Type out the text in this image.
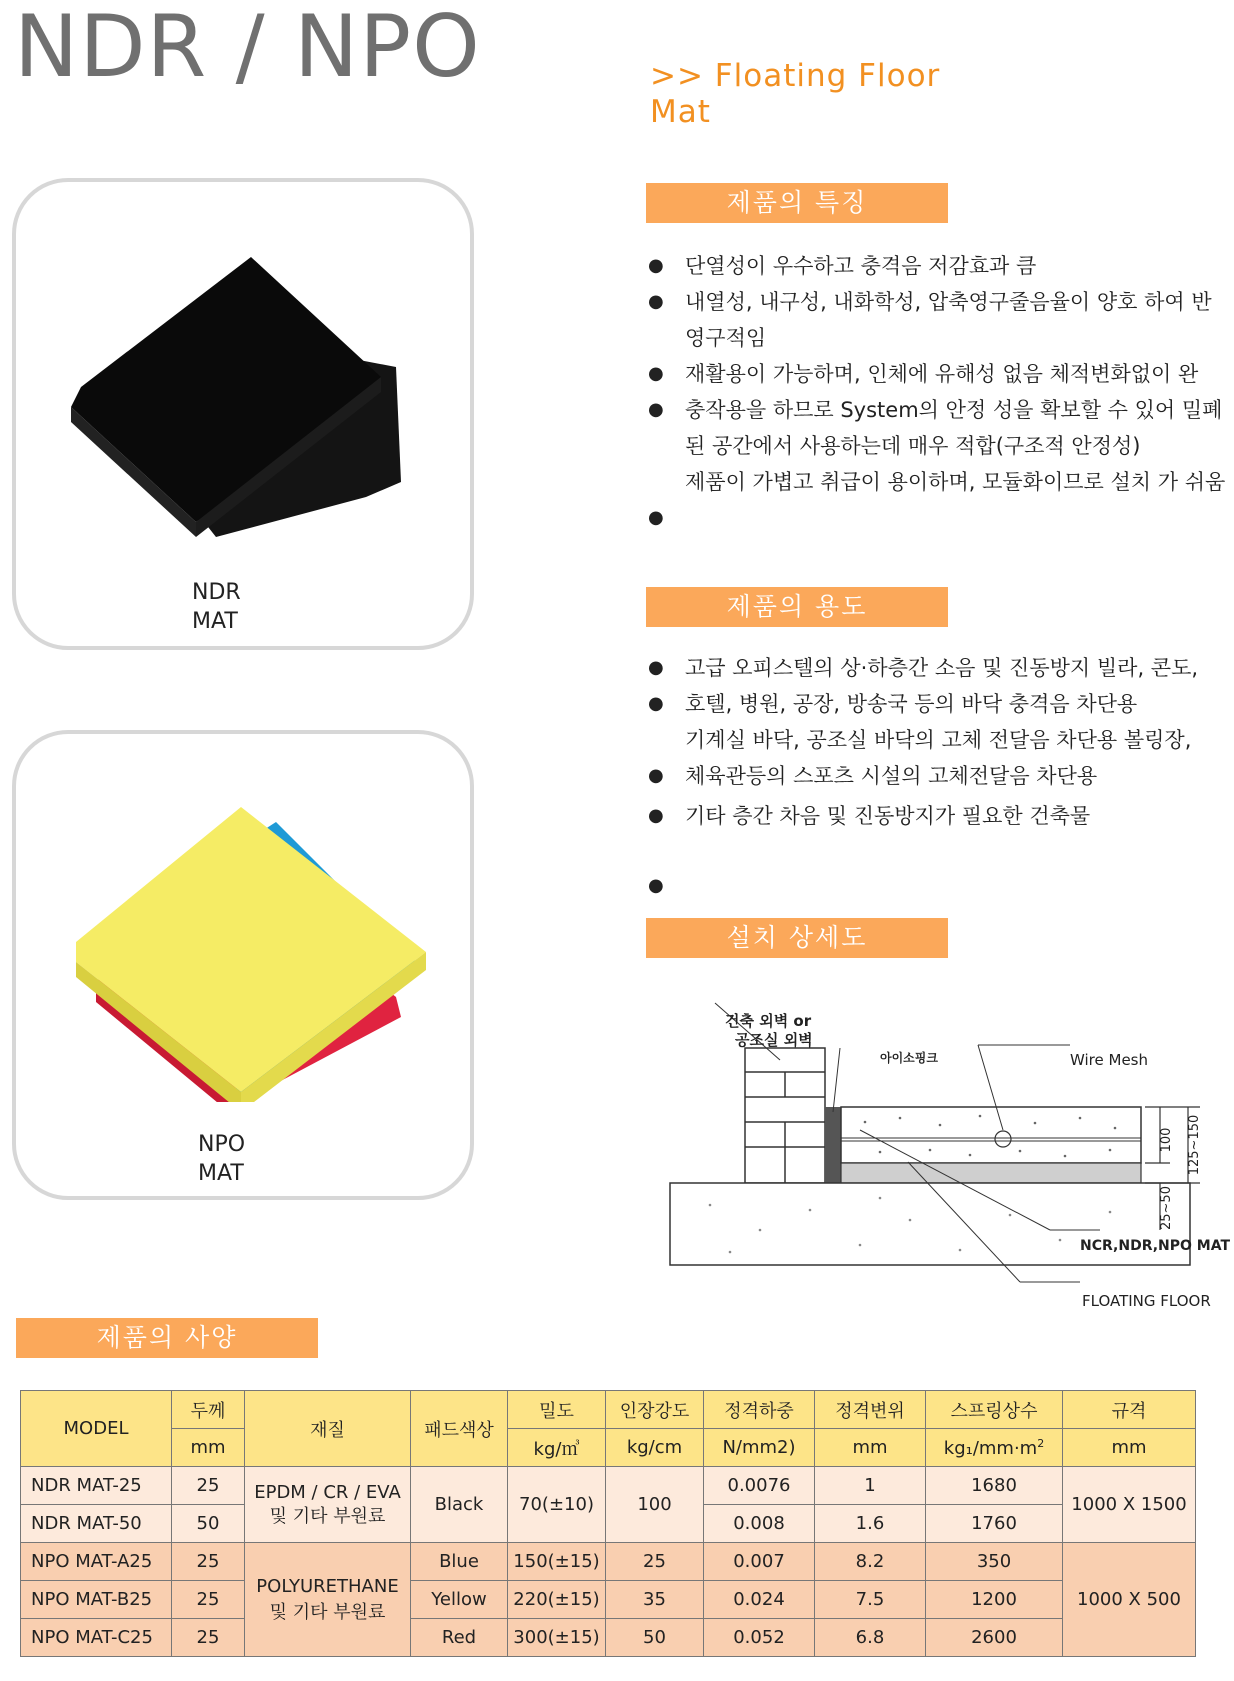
NDR / NPO	>> Floating Floor
Mat
NDR
MAT
NPO
MAT
제품의 특징
● 단열성이 우수하고 충격음 저감효과 큼
● 내열성, 내구성, 내화학성, 압축영구줄음율이 양호 하여 반
영구적임
● 재활용이 가능하며, 인체에 유해성 없음 체적변화없이 완
● 충작용을 하므로 System의 안정 성을 확보할 수 있어 밀폐
된 공간에서 사용하는데 매우 적합(구조적 안정성)
제품이 가볍고 취급이 용이하며, 모듈화이므로 설치 가 쉬움
●
제품의 용도
● 고급 오피스텔의 상·하층간 소음 및 진동방지 빌라, 콘도,
● 호텔, 병원, 공장, 방송국 등의 바닥 충격음 차단용
기계실 바닥, 공조실 바닥의 고체 전달음 차단용 볼링장,
● 체육관등의 스포츠 시설의 고체전달음 차단용
● 기타 층간 차음 및 진동방지가 필요한 건축물
●
설치 상세도
100 125~150
25~50
건축 외벽 or
공조실 외벽
아이소핑크	Wire Mesh
NCR,NDR,NPO MAT
FLOATING FLOOR
제품의 사양
MODEL	두께	재질	패드색상	밀도	인장강도	정격하중	정격변위	스프링상수	규격
	mm			kg/㎥	kg/cm	N/mm2)	mm	kg₁/$mm\cdot m^2$	mm
NDR MAT-25	25	EPDM / CR / EVA 및 기타 부원료	Black	70(±10)	100	0.0076	1	1680	1000 X 1500
NDR MAT-50	50					0.008	1.6	1760	
NPO MAT-A25	25	POLYURETHANE 및 기타 부원료	Blue	150(±15)	25	0.007	8.2	350	1000 X 500
NPO MAT-B25	25		Yellow	220(±15)	35	0.024	7.5	1200	
NPO MAT-C25	25		Red	300(±15)	50	0.052	6.8	2600	
